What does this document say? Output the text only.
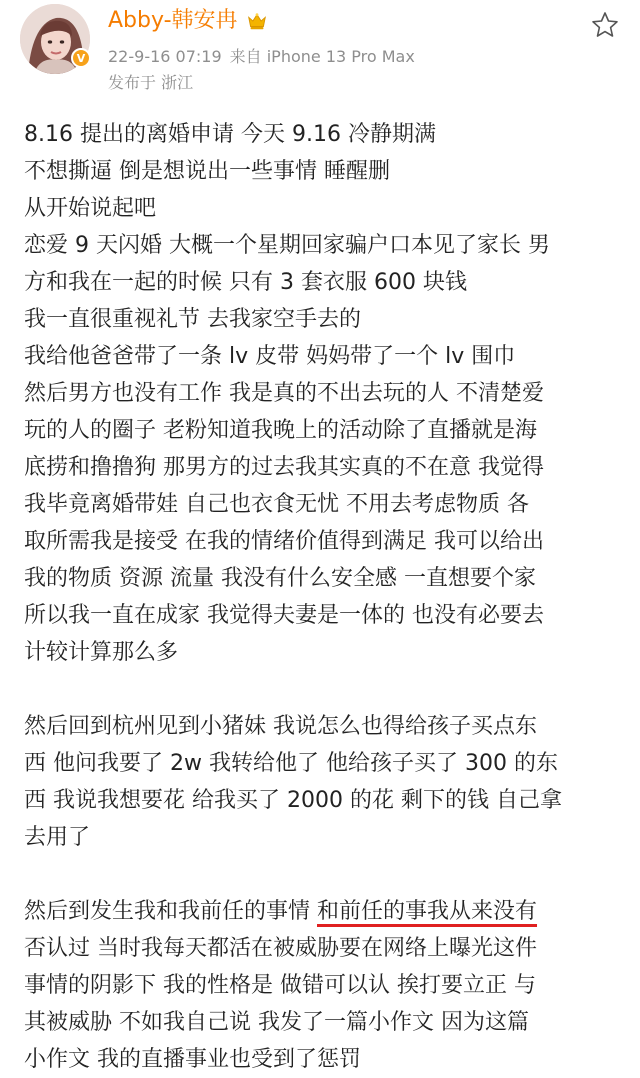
V
Abby-韩安冉
22-9-16 07:19 来自 iPhone 13 Pro Max
发布于 浙江
8.16 提出的离婚申请 今天 9.16 冷静期满
不想撕逼 倒是想说出一些事情 睡醒删
从开始说起吧
恋爱 9 天闪婚 大概一个星期回家骗户口本见了家长 男
方和我在一起的时候 只有 3 套衣服 600 块钱
我一直很重视礼节 去我家空手去的
我给他爸爸带了一条 lv 皮带 妈妈带了一个 lv 围巾
然后男方也没有工作 我是真的不出去玩的人 不清楚爱
玩的人的圈子 老粉知道我晚上的活动除了直播就是海
底捞和撸撸狗 那男方的过去我其实真的不在意 我觉得
我毕竟离婚带娃 自己也衣食无忧 不用去考虑物质 各
取所需我是接受 在我的情绪价值得到满足 我可以给出
我的物质 资源 流量 我没有什么安全感 一直想要个家
所以我一直在成家 我觉得夫妻是一体的 也没有必要去
计较计算那么多
然后回到杭州见到小猪妹 我说怎么也得给孩子买点东
西 他问我要了 2w 我转给他了 他给孩子买了 300 的东
西 我说我想要花 给我买了 2000 的花 剩下的钱 自己拿
去用了
然后到发生我和我前任的事情 和前任的事我从来没有
否认过 当时我每天都活在被威胁要在网络上曝光这件
事情的阴影下 我的性格是 做错可以认 挨打要立正 与
其被威胁 不如我自己说 我发了一篇小作文 因为这篇
小作文 我的直播事业也受到了惩罚
